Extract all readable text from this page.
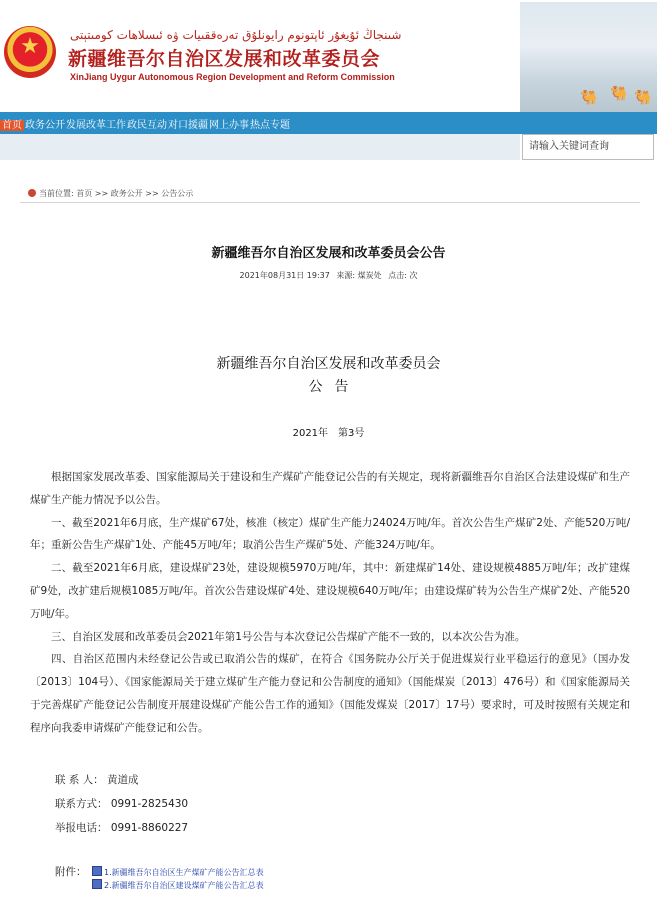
★	شىنجاڭ ئۇيغۇر ئاپتونوم رايونلۇق تەرەققىيات ۋە ئىسلاھات كومىتېتى
新疆维吾尔自治区发展和改革委员会
XinJiang Uygur Autonomous Region Development and Reform Commission
🐫 🐫 🐫
首页 政务公开发展改革工作政民互动对口援疆网上办事热点专题
请输入关键词查询
当前位置: 首页 >> 政务公开 >> 公告公示
新疆维吾尔自治区发展和改革委员会公告
2021年08月31日 19:37 来源: 煤炭处 点击: 次
新疆维吾尔自治区发展和改革委员会
公告
2021年　第3号

根据国家发展改革委、国家能源局关于建设和生产煤矿产能登记公告的有关规定，现将新疆维吾尔自治区合法建设煤矿和生产煤矿生产能力情况予以公告。

一、截至2021年6月底，生产煤矿67处，核准（核定）煤矿生产能力24024万吨/年。首次公告生产煤矿2处、产能520万吨/年；重新公告生产煤矿1处、产能45万吨/年；取消公告生产煤矿5处、产能324万吨/年。

二、截至2021年6月底，建设煤矿23处，建设规模5970万吨/年，其中：新建煤矿14处、建设规模4885万吨/年；改扩建煤矿9处，改扩建后规模1085万吨/年。首次公告建设煤矿4处、建设规模640万吨/年；由建设煤矿转为公告生产煤矿2处、产能520万吨/年。

三、自治区发展和改革委员会2021年第1号公告与本次登记公告煤矿产能不一致的，以本次公告为准。

四、自治区范围内未经登记公告或已取消公告的煤矿，在符合《国务院办公厅关于促进煤炭行业平稳运行的意见》（国办发〔2013〕104号）、《国家能源局关于建立煤矿生产能力登记和公告制度的通知》（国能煤炭〔2013〕476号）和《国家能源局关于完善煤矿产能登记公告制度开展建设煤矿产能公告工作的通知》（国能发煤炭〔2017〕17号）要求时，可及时按照有关规定和程序向我委申请煤矿产能登记和公告。

联 系 人： 黄道成
联系方式： 0991-2825430
举报电话： 0991-8860227
附件：	1.新疆维吾尔自治区生产煤矿产能公告汇总表
2.新疆维吾尔自治区建设煤矿产能公告汇总表
